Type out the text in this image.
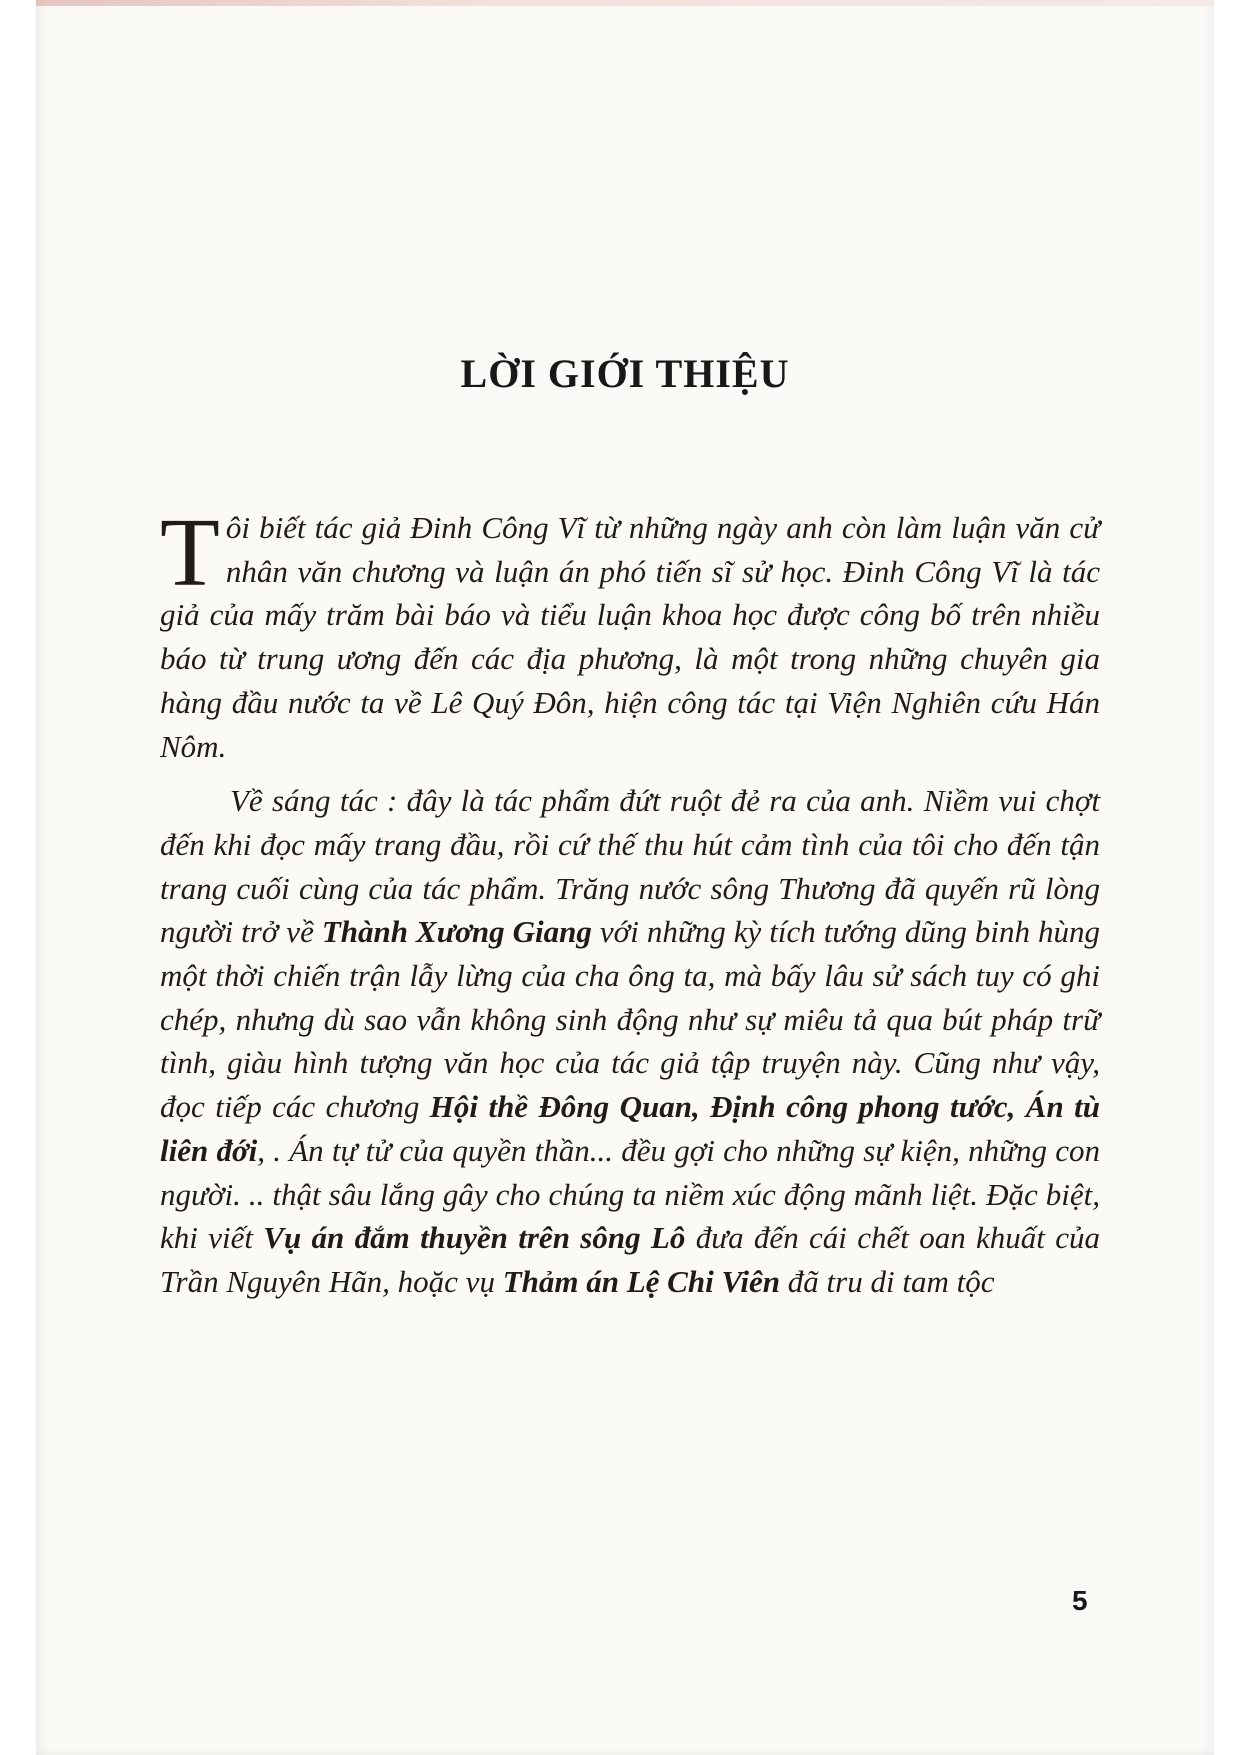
LỜI GIỚI THIỆU

Tôi biết tác giả Đinh Công Vĩ từ những ngày anh còn làm luận văn cử nhân văn chương và luận án phó tiến sĩ sử học. Đinh Công Vĩ là tác giả của mấy trăm bài báo và tiểu luận khoa học được công bố trên nhiều báo từ trung ương đến các địa phương, là một trong những chuyên gia hàng đầu nước ta về Lê Quý Đôn, hiện công tác tại Viện Nghiên cứu Hán Nôm.

Về sáng tác : đây là tác phẩm đứt ruột đẻ ra của anh. Niềm vui chợt đến khi đọc mấy trang đầu, rồi cứ thế thu hút cảm tình của tôi cho đến tận trang cuối cùng của tác phẩm. Trăng nước sông Thương đã quyến rũ lòng người trở về Thành Xương Giang với những kỳ tích tướng dũng binh hùng một thời chiến trận lẫy lừng của cha ông ta, mà bấy lâu sử sách tuy có ghi chép, nhưng dù sao vẫn không sinh động như sự miêu tả qua bút pháp trữ tình, giàu hình tượng văn học của tác giả tập truyện này. Cũng như vậy, đọc tiếp các chương Hội thề Đông Quan, Định công phong tước, Án tù liên đới, . Án tự tử của quyền thần... đều gợi cho những sự kiện, những con người. .. thật sâu lắng gây cho chúng ta niềm xúc động mãnh liệt. Đặc biệt, khi viết Vụ án đắm thuyền trên sông Lô đưa đến cái chết oan khuất của Trần Nguyên Hãn, hoặc vụ Thảm án Lệ Chi Viên đã tru di tam tộc

5
